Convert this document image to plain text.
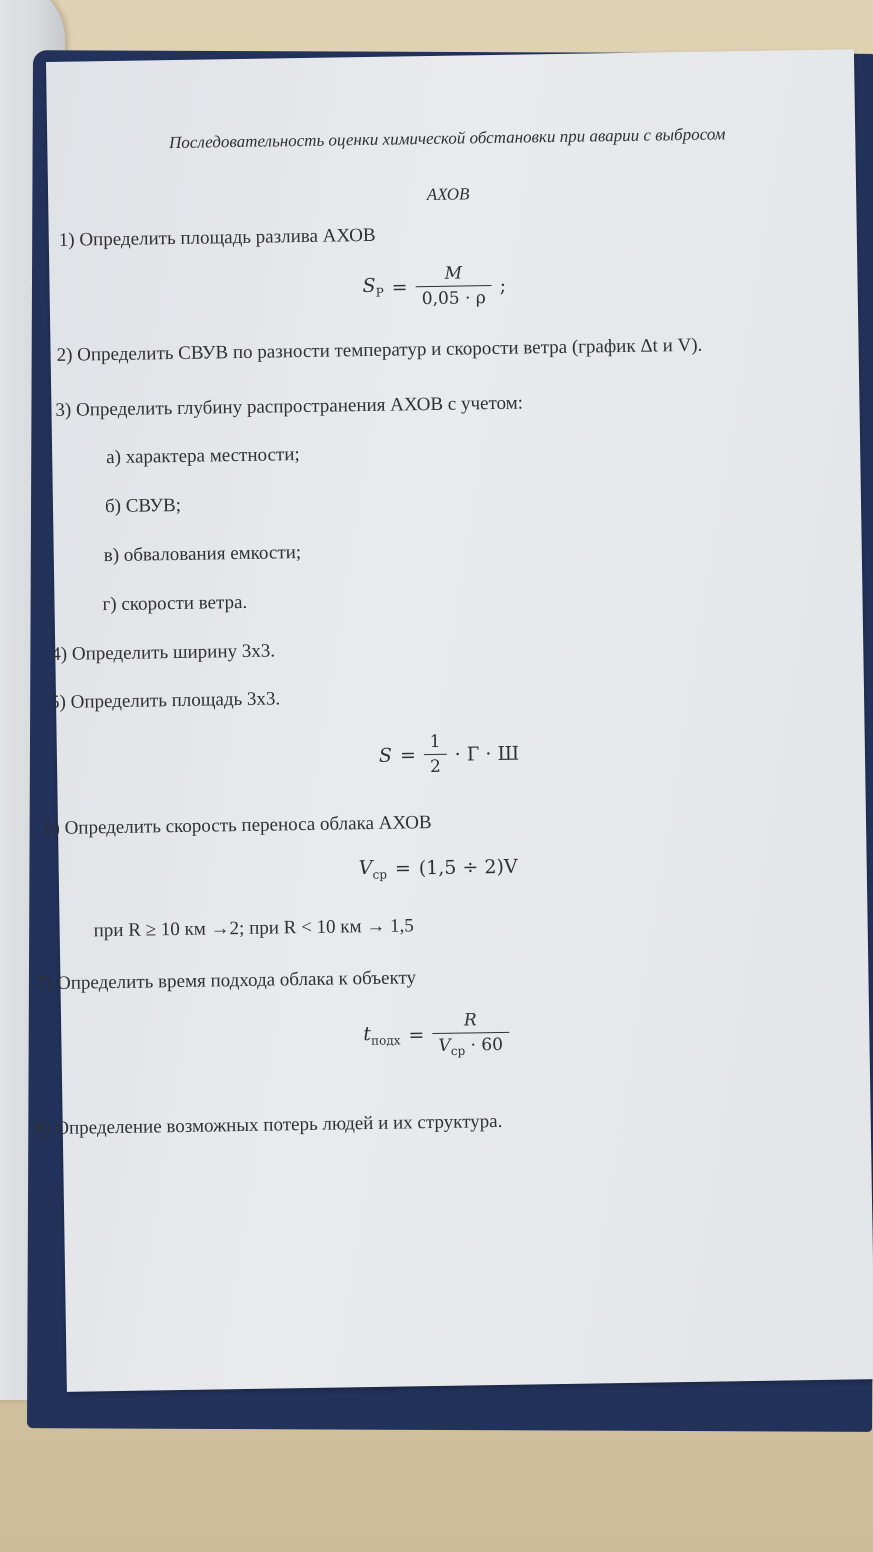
Последовательность оценки химической обстановки при аварии с выбросом
АХОВ
1) Определить площадь разлива АХОВ
$S_Р = \frac{M}{0,05 \cdot \rho}$ ;
2) Определить СВУВ по разности температур и скорости ветра (график Δt и V).
3) Определить глубину распространения АХОВ с учетом:
а) характера местности;
б) СВУВ;
в) обвалования емкости;
г) скорости ветра.
4) Определить ширину 3х3.
5) Определить площадь 3х3.
$S = \frac{1}{2} \cdot Г \cdot Ш$
6) Определить скорость переноса облака АХОВ
$V_{ср} = (1,5 \div 2)V$
при R ≥ 10 км →2; при R < 10 км → 1,5
7) Определить время подхода облака к объекту
$t_{подх} = \frac{R}{V_{ср} \cdot 60}$
8) Определение возможных потерь людей и их структура.
